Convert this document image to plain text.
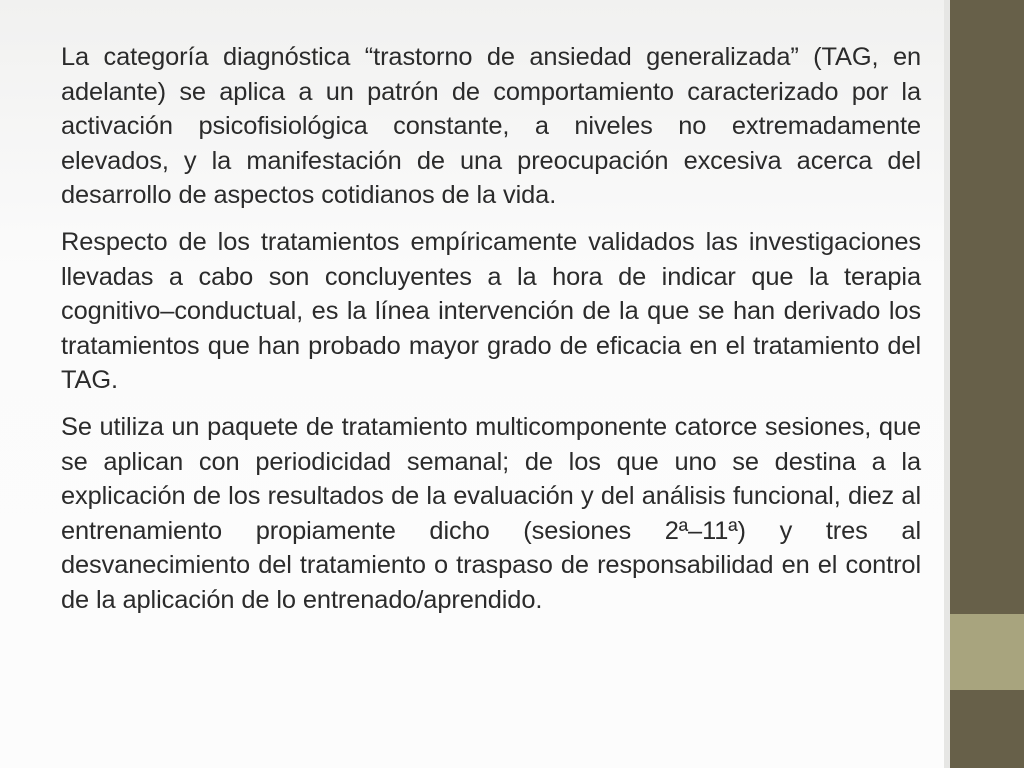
La categoría diagnóstica “trastorno de ansiedad generalizada” (TAG, en adelante) se aplica a un patrón de comportamiento caracterizado por la activación psicofisiológica constante, a niveles no extremadamente elevados, y la manifestación de una preocupación excesiva acerca del desarrollo de aspectos cotidianos de la vida.

Respecto de los tratamientos empíricamente validados las investigaciones llevadas a cabo son concluyentes a la hora de indicar que la terapia cognitivo–conductual, es la línea intervención de la que se han derivado los tratamientos que han probado mayor grado de eficacia en el tratamiento del TAG.

Se utiliza un paquete de tratamiento multicomponente catorce sesiones, que se aplican con periodicidad semanal; de los que uno se destina a la explicación de los resultados de la evaluación y del análisis funcional, diez al entrenamiento propiamente dicho (sesiones 2ª–11ª) y tres al desvanecimiento del tratamiento o traspaso de responsabilidad en el control de la aplicación de lo entrenado/aprendido.
